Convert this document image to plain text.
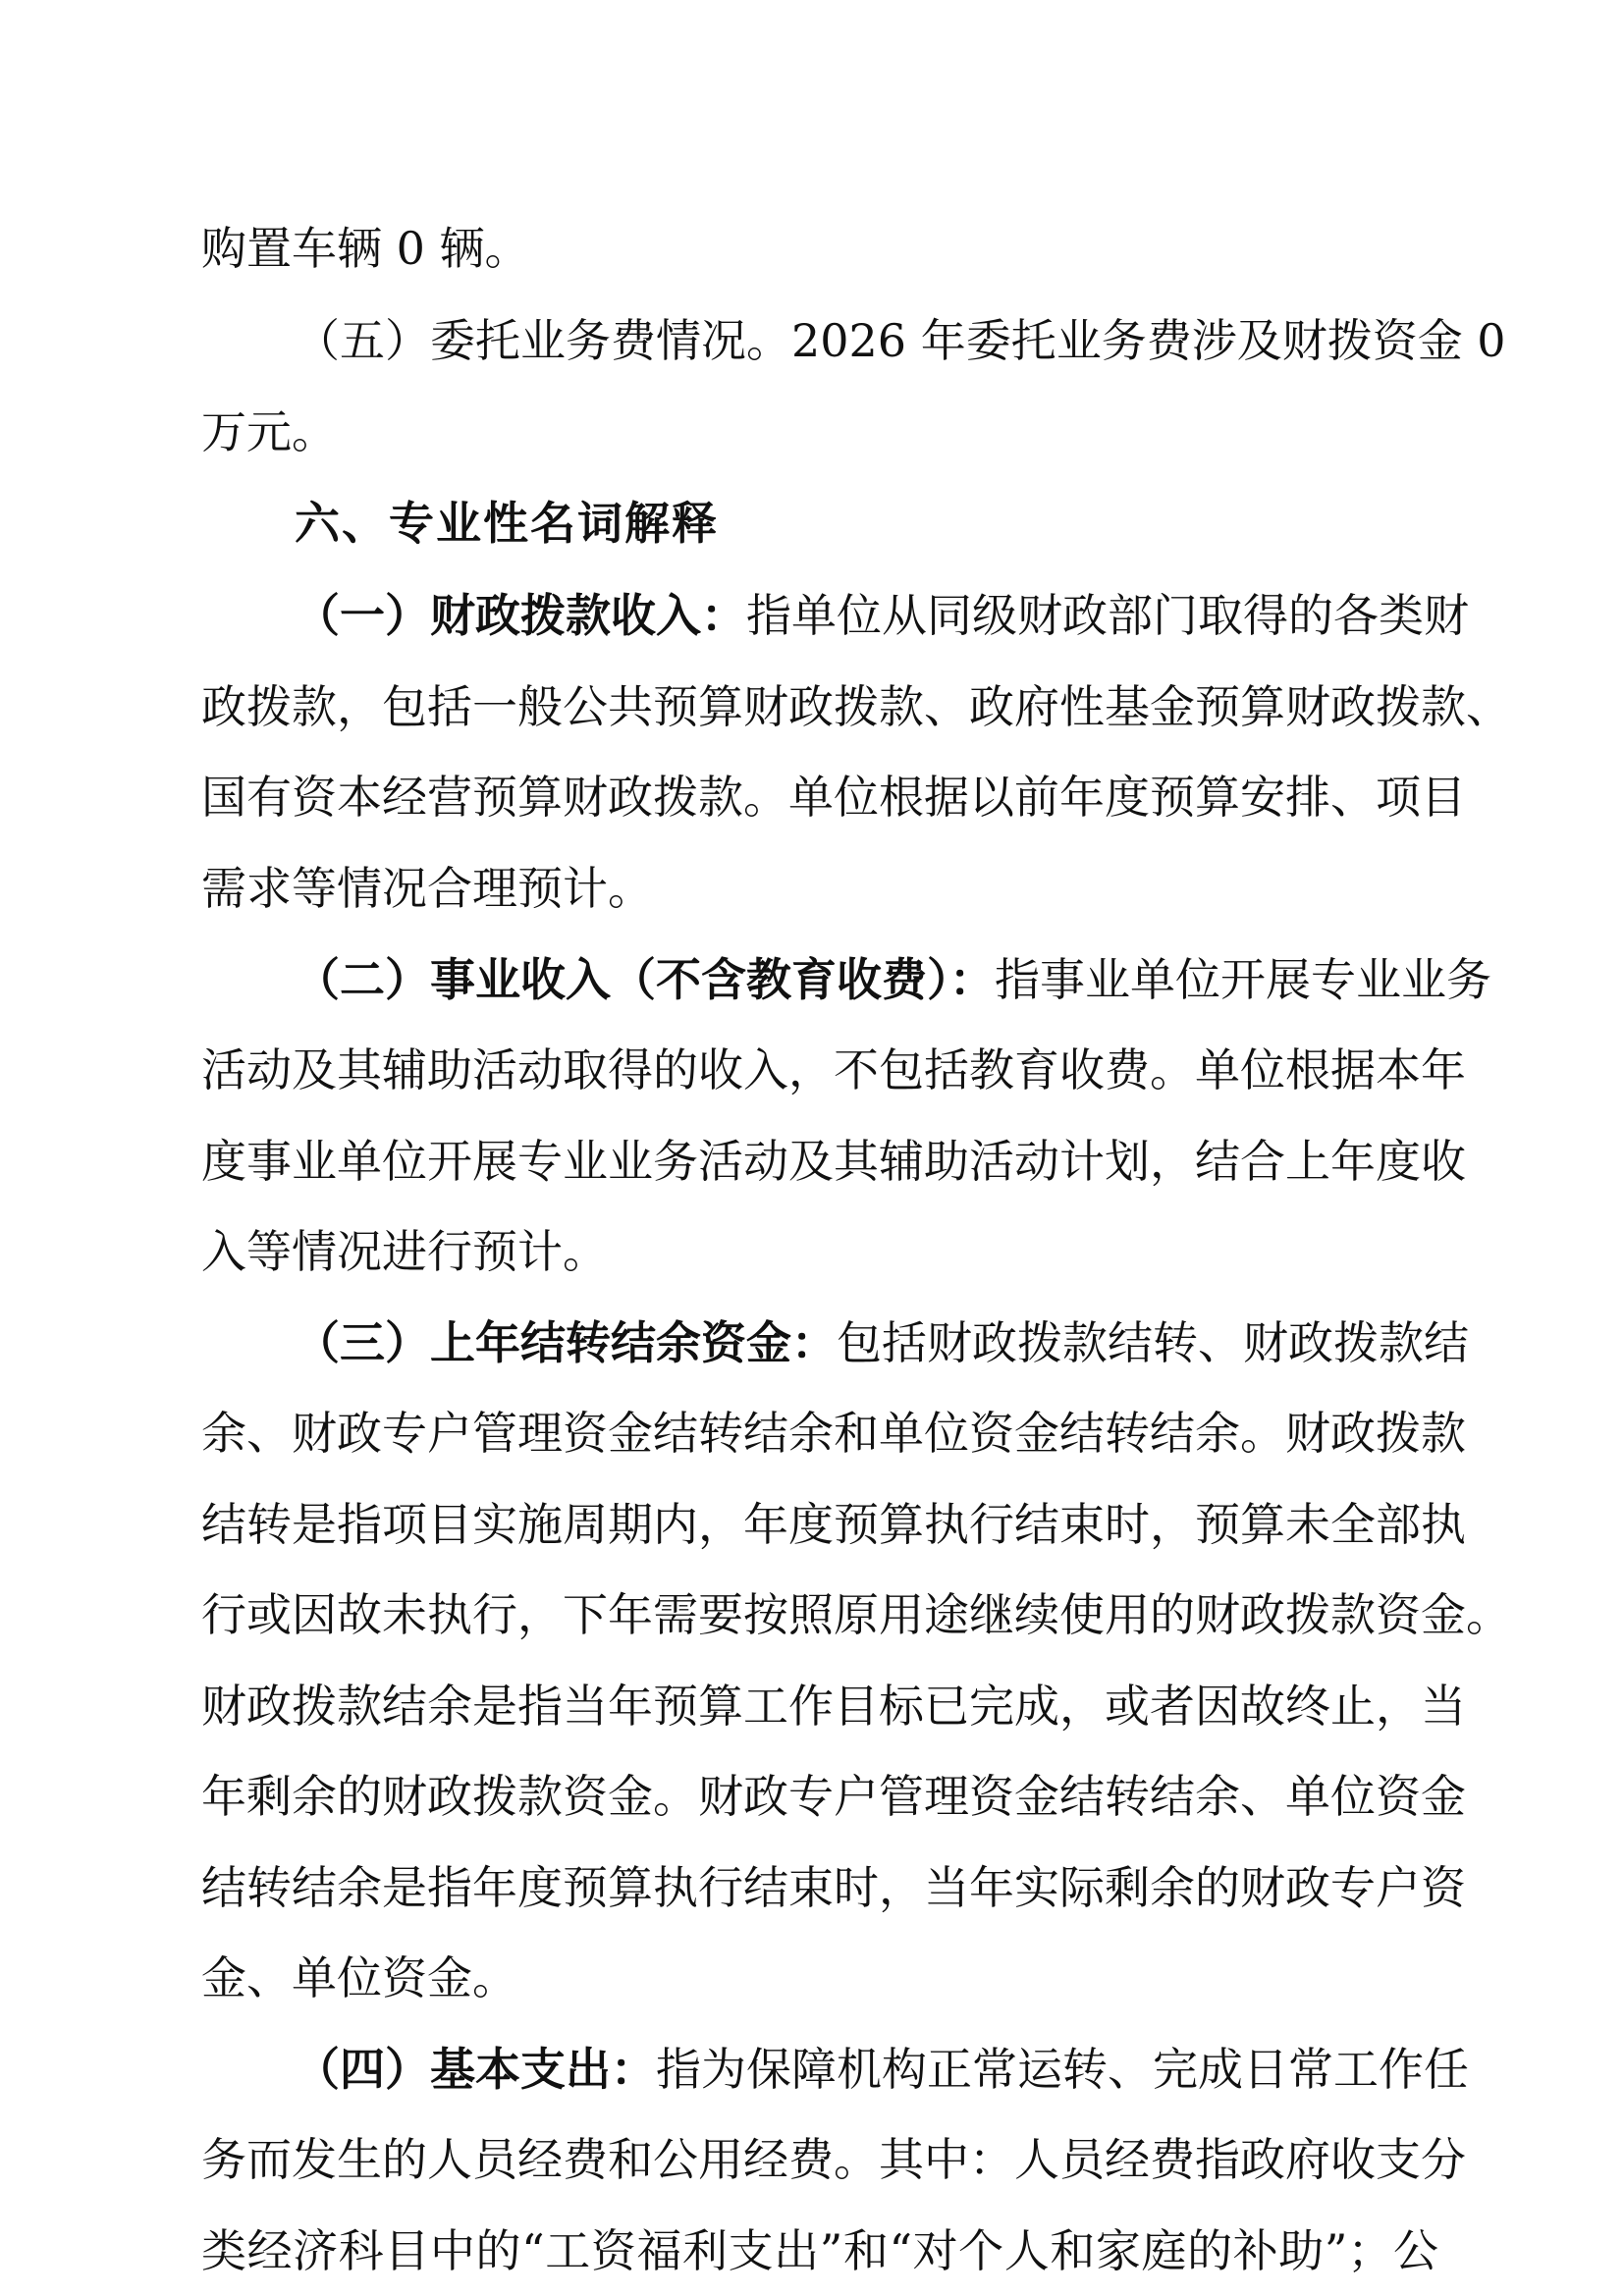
购置车辆 0 辆。
（五）委托业务费情况。2026 年委托业务费涉及财拨资金 0
万元。
六、专业性名词解释
（一）财政拨款收入：指单位从同级财政部门取得的各类财
政拨款，包括一般公共预算财政拨款、政府性基金预算财政拨款、
国有资本经营预算财政拨款。单位根据以前年度预算安排、项目
需求等情况合理预计。
（二）事业收入（不含教育收费）：指事业单位开展专业业务
活动及其辅助活动取得的收入，不包括教育收费。单位根据本年
度事业单位开展专业业务活动及其辅助活动计划，结合上年度收
入等情况进行预计。
（三）上年结转结余资金：包括财政拨款结转、财政拨款结
余、财政专户管理资金结转结余和单位资金结转结余。财政拨款
结转是指项目实施周期内，年度预算执行结束时，预算未全部执
行或因故未执行，下年需要按照原用途继续使用的财政拨款资金。
财政拨款结余是指当年预算工作目标已完成，或者因故终止，当
年剩余的财政拨款资金。财政专户管理资金结转结余、单位资金
结转结余是指年度预算执行结束时，当年实际剩余的财政专户资
金、单位资金。
（四）基本支出：指为保障机构正常运转、完成日常工作任
务而发生的人员经费和公用经费。其中：人员经费指政府收支分
类经济科目中的“工资福利支出”和“对个人和家庭的补助”；公
